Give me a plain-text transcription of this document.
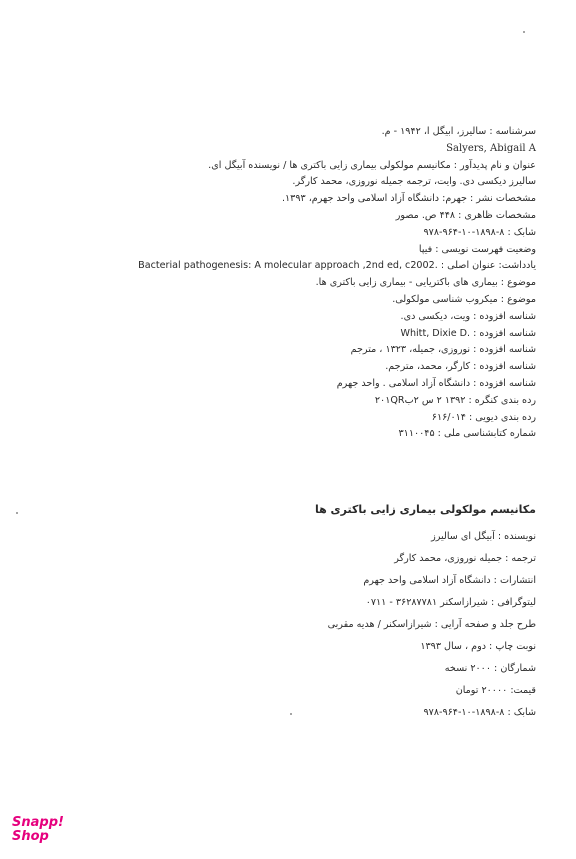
سرشناسه : سالیرز، ابیگل ا، ۱۹۴۲ - م.
Salyers, Abigail A
عنوان و نام پدیدآور : مکانیسم مولکولی بیماری زایی باکتری ها / نویسنده آبیگل ای.
سالیرز دیکسی دی. وایت، ترجمه جمیله نوروزی، محمد کارگر.
مشخصات نشر : جهرم: دانشگاه آزاد اسلامی واحد جهرم، ۱۳۹۳.
مشخصات ظاهری : ۴۴۸ ص. مصور
شابک : ۸-۱۸۹۸-۱۰-۹۶۴-۹۷۸
وضعیت فهرست نویسی : فیپا
یادداشت: عنوان اصلی : .Bacterial pathogenesis: A molecular approach ,2nd ed, c2002
موضوع : بیماری های باکتریایی - بیماری زایی باکتری ها.
موضوع : میکروب شناسی مولکولی.
شناسه افزوده : ویت، دیکسی دی.
شناسه افزوده : .Whitt, Dixie D
شناسه افزوده : نوروزی، جمیله، ۱۳۲۳ ، مترجم
شناسه افزوده : کارگر، محمد، مترجم.
شناسه افزوده : دانشگاه آزاد اسلامی . واحد جهرم
رده بندی کنگره : ۱۳۹۲ ۲ س ۲ب۲۰۱QR
رده بندی دیویی : ۶۱۶/۰۱۴
شماره کتابشناسی ملی : ۳۱۱۰۰۴۵
مکانیسم مولکولی بیماری زایی باکتری ها
نویسنده : آبیگل ای سالیرز
ترجمه : جمیله نوروزی، محمد کارگر
انتشارات : دانشگاه آزاد اسلامی واحد جهرم
لیتوگرافی : شیرازاسکنر ۳۶۲۸۷۷۸۱ - ۰۷۱۱
طرح جلد و صفحه آرایی : شیرازاسکنر / هدیه مقربی
نوبت چاپ : دوم ، سال ۱۳۹۳
شمارگان : ۲۰۰۰ نسخه
قیمت: ۲۰۰۰۰ تومان
شابک : ۸-۱۸۹۸-۱۰-۹۶۴-۹۷۸
Snapp!
Shop
